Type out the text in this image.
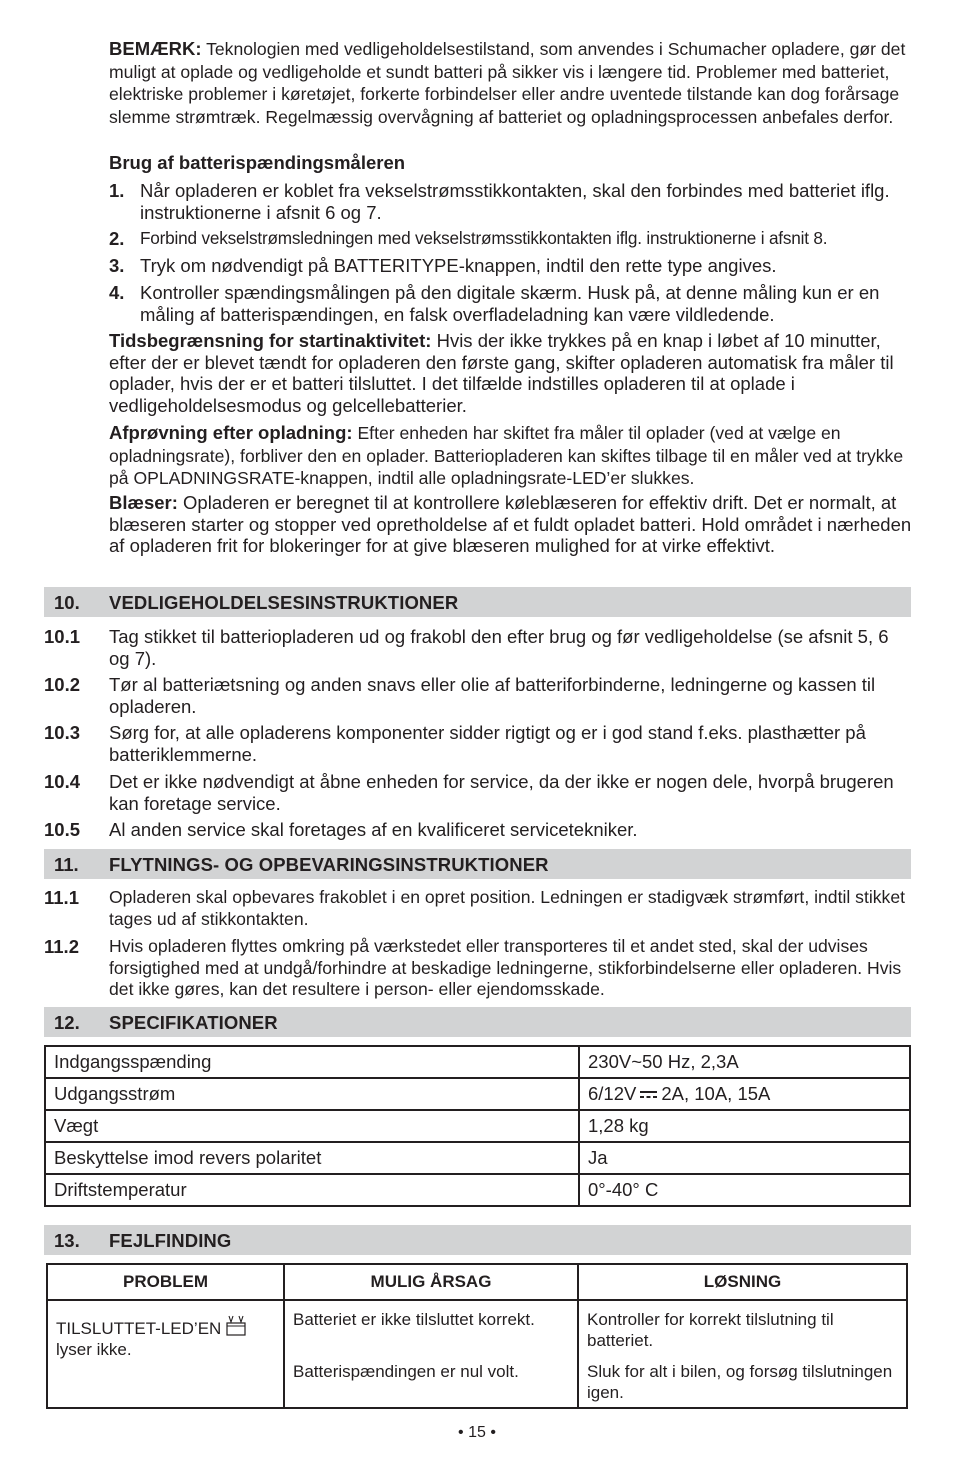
BEMÆRK: Teknologien med vedligeholdelsestilstand, som anvendes i Schumacher opladere, gør det muligt at oplade og vedligeholde et sundt batteri på sikker vis i længere tid. Problemer med batteriet, elektriske problemer i køretøjet, forkerte forbindelser eller andre uventede tilstande kan dog forårsage slemme strømtræk. Regelmæssig overvågning af batteriet og opladningsprocessen anbefales derfor.

Brug af batterispændingsmåleren
1. Når opladeren er koblet fra vekselstrømsstikkontakten, skal den forbindes med batteriet iflg. instruktionerne i afsnit 6 og 7.
2. Forbind vekselstrømsledningen med vekselstrømsstikkontakten iflg. instruktionerne i afsnit 8.
3. Tryk om nødvendigt på BATTERITYPE-knappen, indtil den rette type angives.
4. Kontroller spændingsmålingen på den digitale skærm. Husk på, at denne måling kun er en måling af batterispændingen, en falsk overfladeladning kan være vildledende.

Tidsbegrænsning for startinaktivitet: Hvis der ikke trykkes på en knap i løbet af 10 minutter, efter der er blevet tændt for opladeren den første gang, skifter opladeren automatisk fra måler til oplader, hvis der er et batteri tilsluttet. I det tilfælde indstilles opladeren til at oplade i vedligeholdelsesmodus og gelcellebatterier.

Afprøvning efter opladning: Efter enheden har skiftet fra måler til oplader (ved at vælge en opladningsrate), forbliver den en oplader. Batteriopladeren kan skiftes tilbage til en måler ved at trykke på OPLADNINGSRATE-knappen, indtil alle opladningsrate-LED’er slukkes.

Blæser: Opladeren er beregnet til at kontrollere køleblæseren for effektiv drift. Det er normalt, at blæseren starter og stopper ved opretholdelse af et fuldt opladet batteri. Hold området i nærheden af opladeren frit for blokeringer for at give blæseren mulighed for at virke effektivt.

10. VEDLIGEHOLDELSESINSTRUKTIONER
10.1 Tag stikket til batteriopladeren ud og frakobl den efter brug og før vedligeholdelse (se afsnit 5, 6 og 7).
10.2 Tør al batteriætsning og anden snavs eller olie af batteriforbinderne, ledningerne og kassen til opladeren.
10.3 Sørg for, at alle opladerens komponenter sidder rigtigt og er i god stand f.eks. plasthætter på batteriklemmerne.
10.4 Det er ikke nødvendigt at åbne enheden for service, da der ikke er nogen dele, hvorpå brugeren kan foretage service.
10.5 Al anden service skal foretages af en kvalificeret servicetekniker.
11. FLYTNINGS- OG OPBEVARINGSINSTRUKTIONER
11.1 Opladeren skal opbevares frakoblet i en opret position. Ledningen er stadigvæk strømført, indtil stikket tages ud af stikkontakten.
11.2 Hvis opladeren flyttes omkring på værkstedet eller transporteres til et andet sted, skal der udvises forsigtighed med at undgå/forhindre at beskadige ledningerne, stikforbindelserne eller opladeren. Hvis det ikke gøres, kan det resultere i person- eller ejendomsskade.
12. SPECIFIKATIONER
Indgangsspænding	230V~50 Hz, 2,3A
Udgangsstrøm	6/12V 2A, 10A, 15A
Vægt	1,28 kg
Beskyttelse imod revers polaritet	Ja
Driftstemperatur	0°-40° C
13. FEJLFINDING
PROBLEM	MULIG ÅRSAG	LØSNING
TILSLUTTET-LED’EN
lyser ikke.	Batteriet er ikke tilsluttet korrekt.	Kontroller for korrekt tilslutning til batteriet.
	Batterispændingen er nul volt.	Sluk for alt i bilen, og forsøg tilslutningen igen.
• 15 •
